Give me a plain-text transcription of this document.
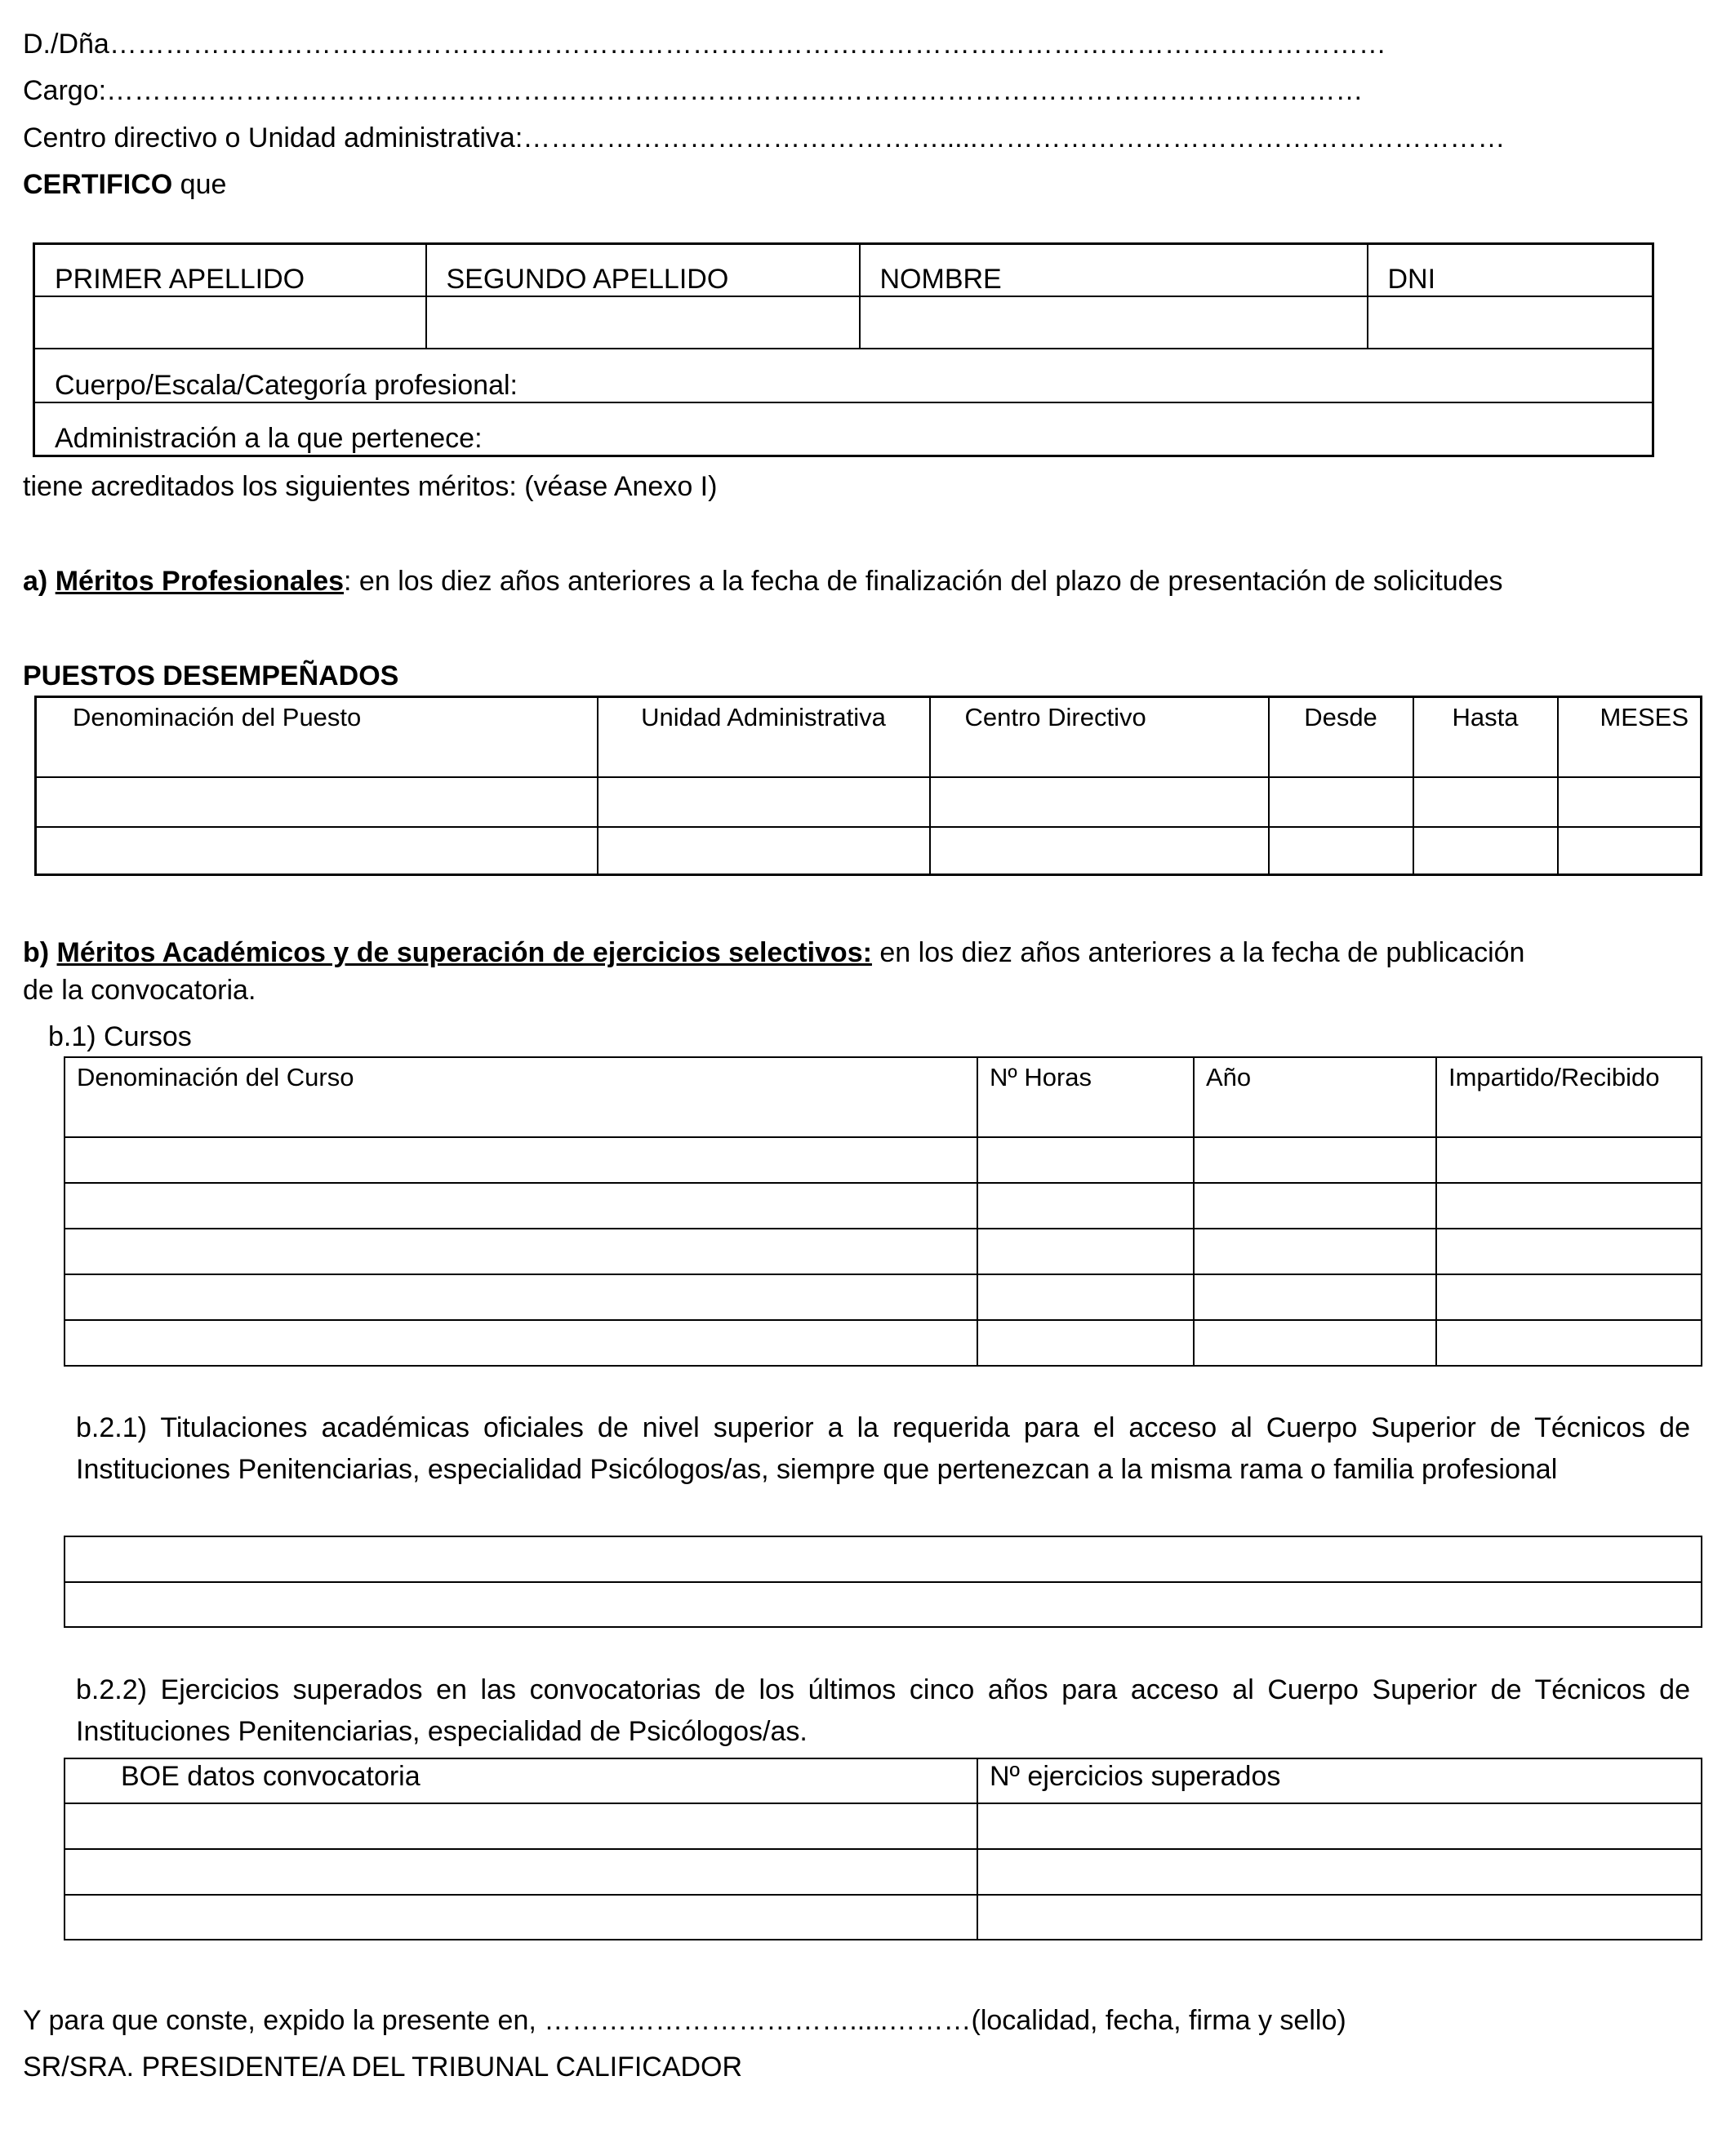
D./Dña…………………………………………………………………………………………………………………………
Cargo:…………………………………………………………………….…………………………………………………
Centro directivo o Unidad administrativa:……………………………………….....…………………………………………………
CERTIFICO que
PRIMER APELLIDO	SEGUNDO APELLIDO	NOMBRE	DNI

Cuerpo/Escala/Categoría profesional:			
Administración a la que pertenece:			
tiene acreditados los siguientes méritos: (véase Anexo I)
a) Méritos Profesionales: en los diez años anteriores a la fecha de finalización del plazo de presentación de solicitudes
PUESTOS DESEMPEÑADOS
Denominación del Puesto	Unidad Administrativa	Centro Directivo	Desde	Hasta	MESES

b) Méritos Académicos y de superación de ejercicios selectivos: en los diez años anteriores a la fecha de publicación
de la convocatoria.
b.1) Cursos
Denominación del Curso	Nº Horas	Año	Impartido/Recibido

b.2.1) Titulaciones académicas oficiales de nivel superior a la requerida para el acceso al Cuerpo Superior de Técnicos de Instituciones Penitenciarias, especialidad Psicólogos/as, siempre que pertenezcan a la misma rama o familia profesional

b.2.2) Ejercicios superados en las convocatorias de los últimos cinco años para acceso al Cuerpo Superior de Técnicos de Instituciones Penitenciarias, especialidad de Psicólogos/as.
BOE datos convocatoria	Nº ejercicios superados

Y para que conste, expido la presente en, …………………………….....………(localidad, fecha, firma y sello)
SR/SRA. PRESIDENTE/A DEL TRIBUNAL CALIFICADOR
